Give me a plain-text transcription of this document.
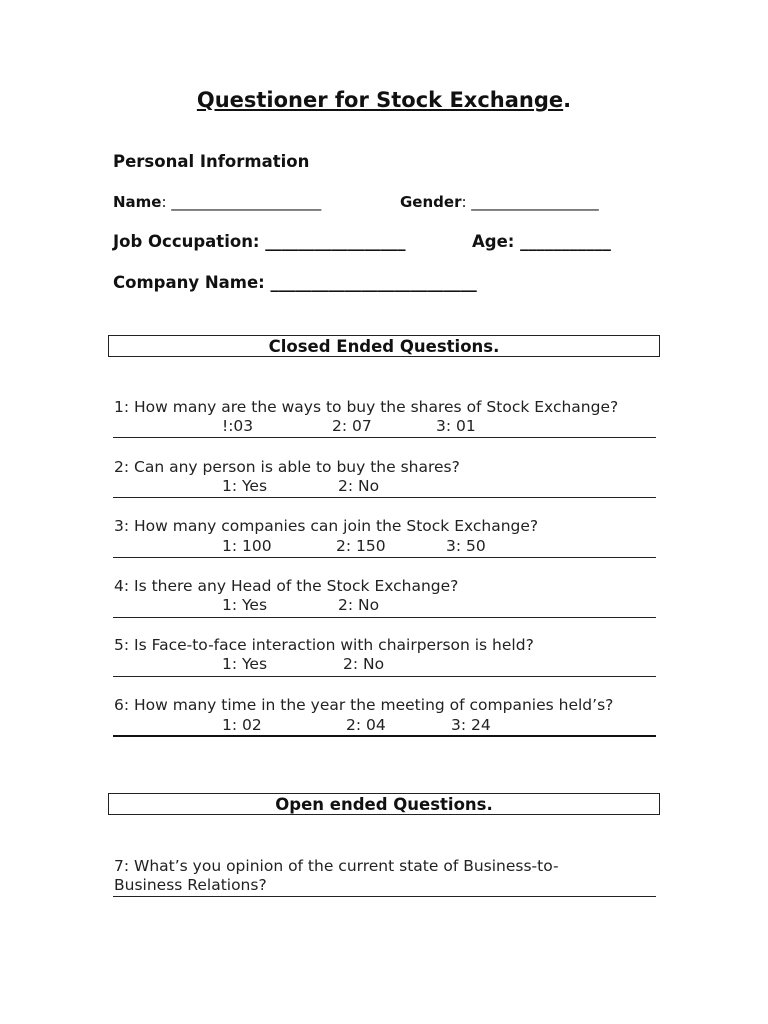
Questioner for Stock Exchange.
Personal Information
Name: ____________________	Gender: _________________
Job Occupation: _________________	Age: ___________
Company Name: _________________________
Closed Ended Questions.
1: How many are the ways to buy the shares of Stock Exchange?
!:03	2: 07	3: 01
2: Can any person is able to buy the shares?
1: Yes	2: No
3: How many companies can join the Stock Exchange?
1: 100	2: 150	3: 50
4: Is there any Head of the Stock Exchange?
1: Yes	2: No
5: Is Face-to-face interaction with chairperson is held?
1: Yes	2: No
6: How many time in the year the meeting of companies held’s?
1: 02	2: 04	3: 24
Open ended Questions.
7: What’s you opinion of the current state of Business-to-
Business Relations?
